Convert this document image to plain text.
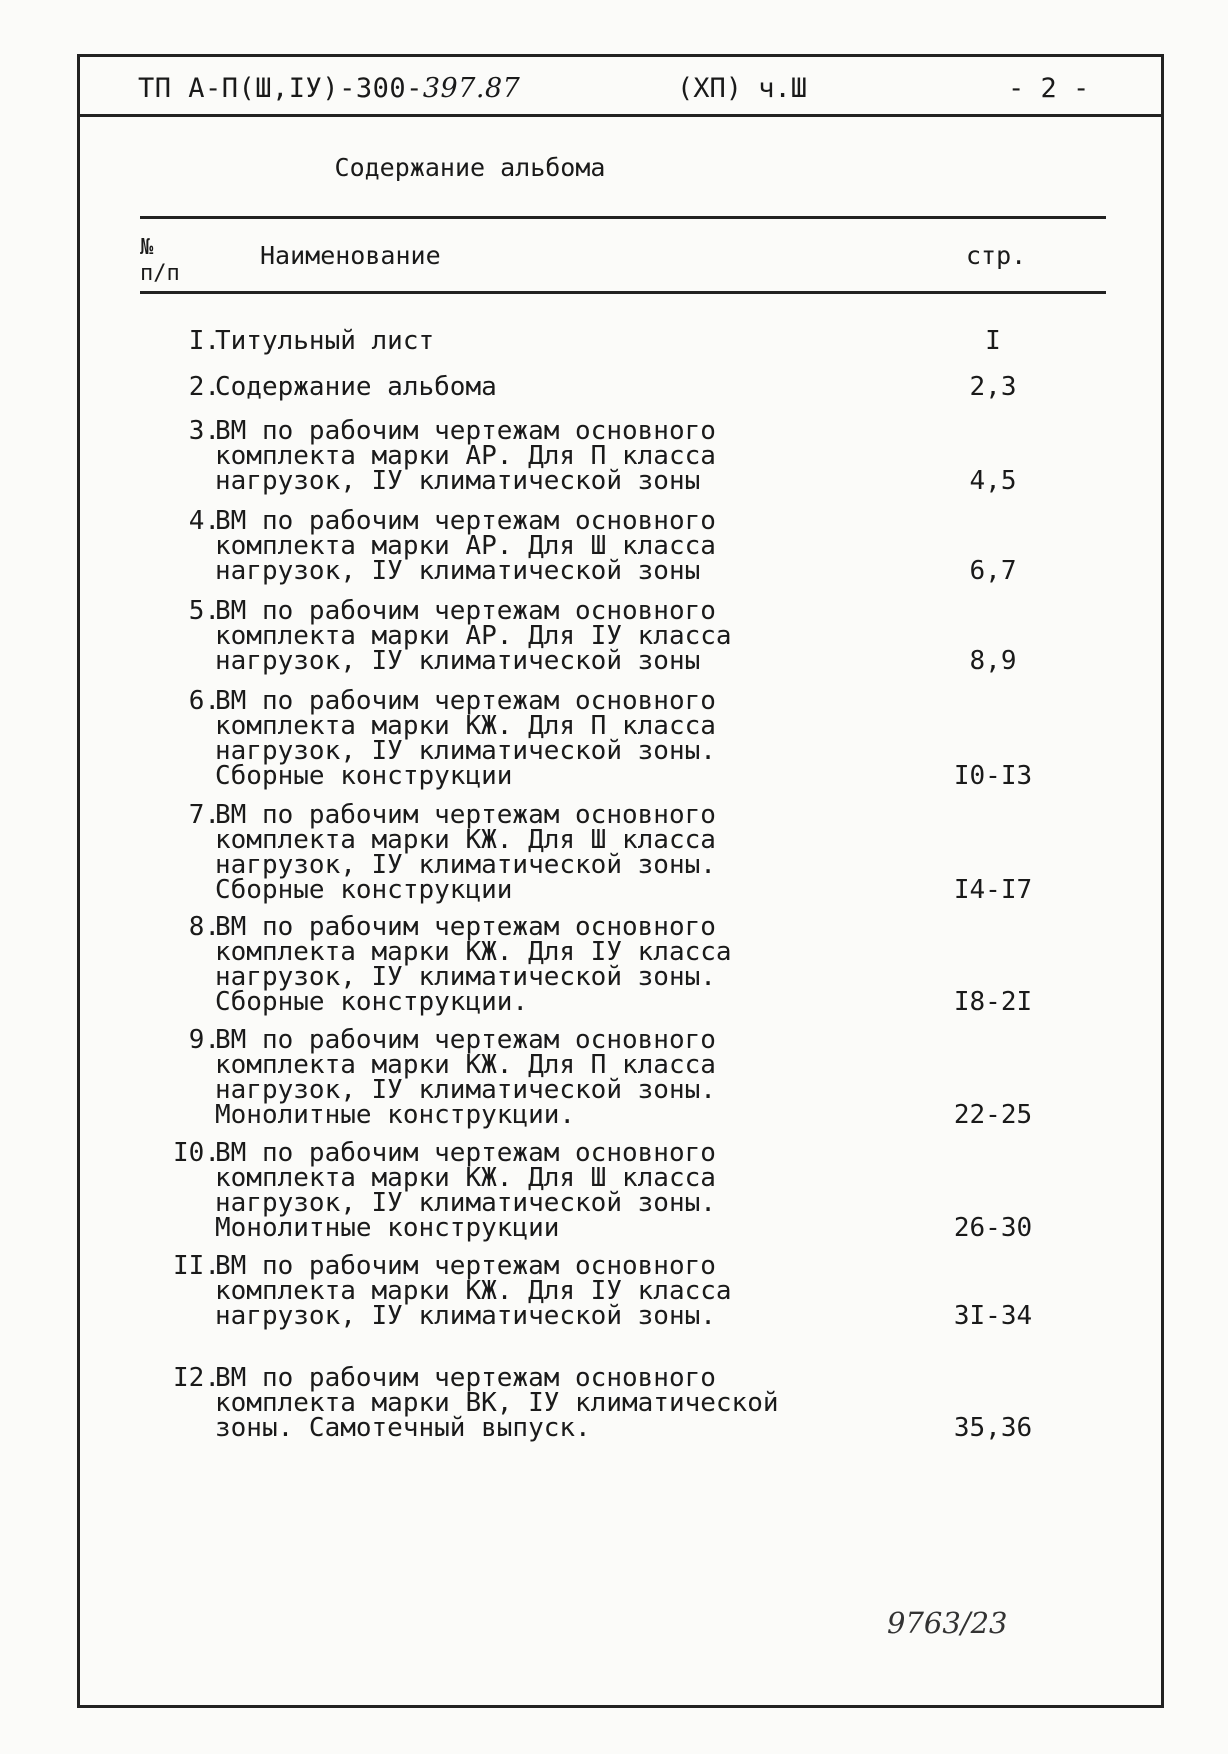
ТП А-П(Ш,IУ)-300-397.87	(ХП) ч.Ш	- 2 -
Содержание альбома
№
п/п
Наименование	стр.
I.
Титульный лист	I
2.
Содержание альбома	2,3
3.
ВМ по рабочим чертежам основного
комплекта марки АР. Для П класса
нагрузок, IУ климатической зоны	4,5
4.
ВМ по рабочим чертежам основного
комплекта марки АР. Для Ш класса
нагрузок, IУ климатической зоны	6,7
5.
ВМ по рабочим чертежам основного
комплекта марки АР. Для IУ класса
нагрузок, IУ климатической зоны	8,9
6.
ВМ по рабочим чертежам основного
комплекта марки КЖ. Для П класса
нагрузок, IУ климатической зоны.
Сборные конструкции	I0-I3
7.
ВМ по рабочим чертежам основного
комплекта марки КЖ. Для Ш класса
нагрузок, IУ климатической зоны.
Сборные конструкции	I4-I7
8.
ВМ по рабочим чертежам основного
комплекта марки КЖ. Для IУ класса
нагрузок, IУ климатической зоны.
Сборные конструкции.	I8-2I
9.
ВМ по рабочим чертежам основного
комплекта марки КЖ. Для П класса
нагрузок, IУ климатической зоны.
Монолитные конструкции.	22-25
I0.
ВМ по рабочим чертежам основного
комплекта марки КЖ. Для Ш класса
нагрузок, IУ климатической зоны.
Монолитные конструкции	26-30
II.
ВМ по рабочим чертежам основного
комплекта марки КЖ. Для IУ класса
нагрузок, IУ климатической зоны.	3I-34
I2.
ВМ по рабочим чертежам основного
комплекта марки ВК, IУ климатической
зоны. Самотечный выпуск.	35,36
9763/23
